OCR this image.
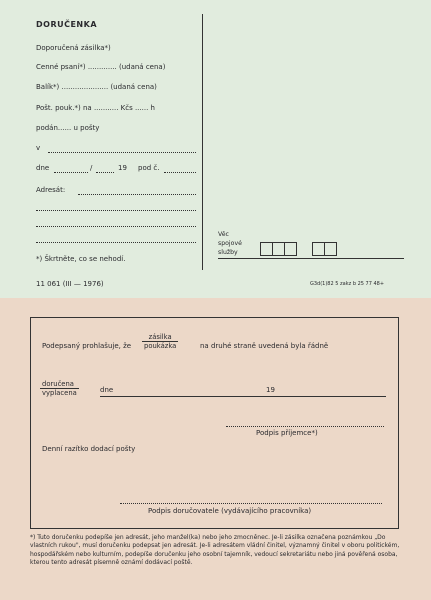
DORUČENKA
Doporučená zásilka*)
Cenné psaní*) ............. (udaná cena)
Balík*) ..................... (udaná cena)
Pošt. pouk.*) na ........... Kčs ...... h
podán...... u pošty
v
dne	/	19 pod č.
Adresát:
*) Škrtněte, co se nehodí.
Věc
spojové
služby
11 061 (III — 1976)	G3d(1)82 5 zakz b 25 77 48+
Podepsaný prohlašuje, že
zásilka
poukázka	na druhé straně uvedená byla řádně
doručena
vyplacena	dne	19
Podpis příjemce*)
Denní razítko dodací pošty
Podpis doručovatele (vydávajícího pracovníka)
*) Tuto doručenku podepíše jen adresát, jeho manžel(ka) nebo jeho zmocněnec. Je-li zásilka označena poznámkou „Do vlastních rukou", musí doručenku podepsat jen adresát. Je-li adresátem vládní činitel, významný činitel v oboru politickém, hospodářském nebo kulturním, podepíše doručenku jeho osobní tajemník, vedoucí sekretariátu nebo jiná pověřená osoba, kterou tento adresát písemně oznámí dodávací poště.
